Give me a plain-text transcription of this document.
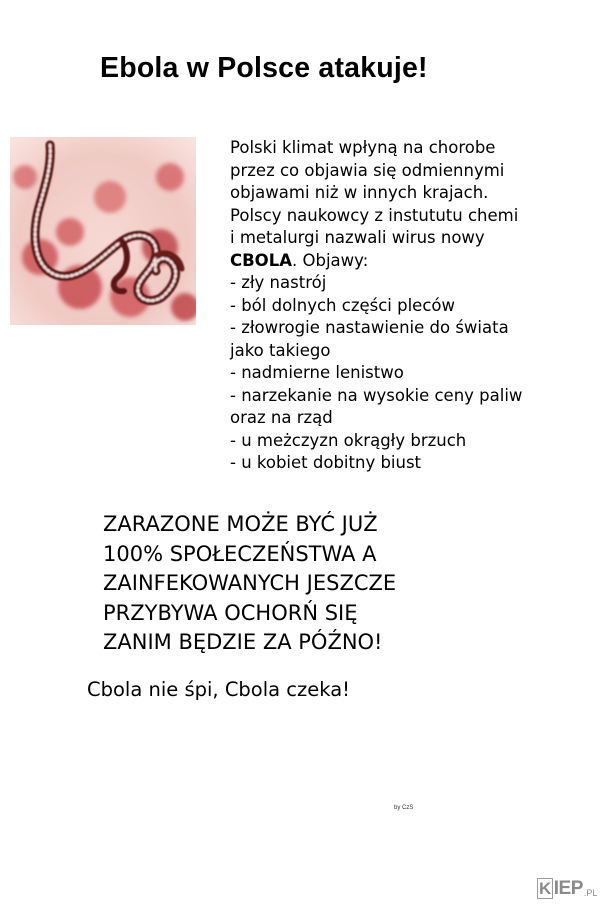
Ebola w Polsce atakuje!

Polski klimat wpłyną na chorobe
przez co objawia się odmiennymi
objawami niż w innych krajach.
Polscy naukowcy z instututu chemi
i metalurgi nazwali wirus nowy
CBOLA. Objawy:

- zły nastrój
- ból dolnych części pleców
- złowrogie nastawienie do świata
jako takiego
- nadmierne lenistwo
- narzekanie na wysokie ceny paliw
oraz na rząd
- u meżczyzn okrągły brzuch
- u kobiet dobitny biust
ZARAZONE MOŻE BYĆ JUŻ
100% SPOŁECZEŃSTWA A
ZAINFEKOWANYCH JESZCZE
PRZYBYWA OCHORŃ SIĘ
ZANIM BĘDZIE ZA PÓŹNO!
Cbola nie śpi, Cbola czeka!
by CzS
K IEP .PL
